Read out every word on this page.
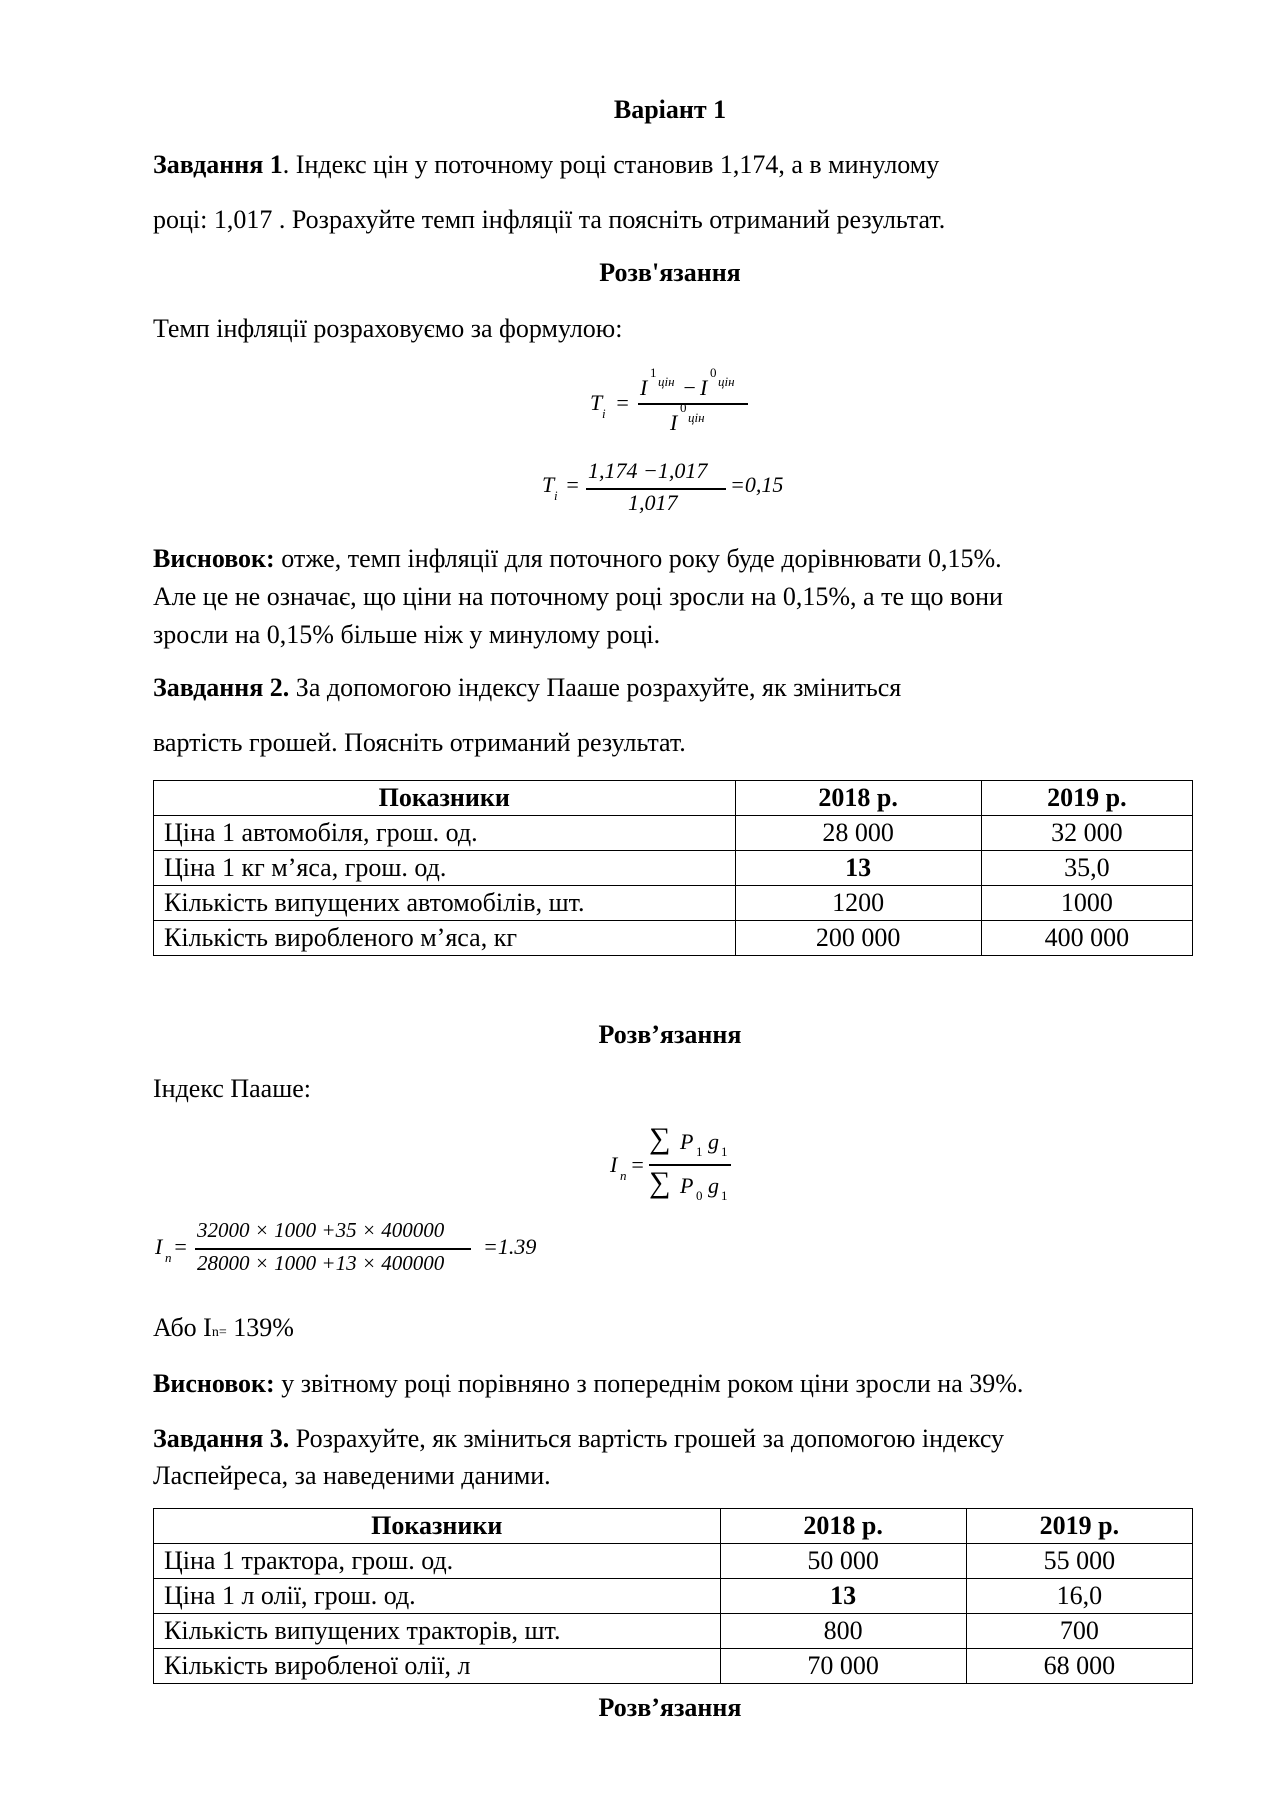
Варіант 1
Завдання 1. Індекс цін у поточному році становив 1,174, а в минулому
році: 1,017 . Розрахуйте темп інфляції та поясніть отриманий результат.
Розв'язання
Темп інфляції розраховуємо за формулою:
T i =
I
1
цін − I
0
цін
I
0
цін
T i =
1,174 −1,017
1,017
=0,15
Висновок: отже, темп інфляції для поточного року буде дорівнювати 0,15%.
Але це не означає, що ціни на поточному році зросли на 0,15%, а те що вони
зросли на 0,15% більше ніж у минулому році.
Завдання 2. За допомогою індексу Пааше розрахуйте, як зміниться
вартість грошей. Поясніть отриманий результат.
Показники	2018 р.	2019 р.
Ціна 1 автомобіля, грош. од.	28 000	32 000
Ціна 1 кг м’яса, грош. од.	13	35,0
Кількість випущених автомобілів, шт.	1200	1000
Кількість виробленого м’яса, кг	200 000	400 000
Розв’язання
Індекс Пааше:
I n =
∑ P 1 g 1
∑ P 0 g 1
I n =
32000 × 1000 +35 × 400000
28000 × 1000 +13 × 400000
=1.39
Або In= 139%
Висновок: у звітному році порівняно з попереднім роком ціни зросли на 39%.
Завдання 3. Розрахуйте, як зміниться вартість грошей за допомогою індексу
Ласпейреса, за наведеними даними.
Показники	2018 р.	2019 р.
Ціна 1 трактора, грош. од.	50 000	55 000
Ціна 1 л олії, грош. од.	13	16,0
Кількість випущених тракторів, шт.	800	700
Кількість виробленої олії, л	70 000	68 000
Розв’язання
